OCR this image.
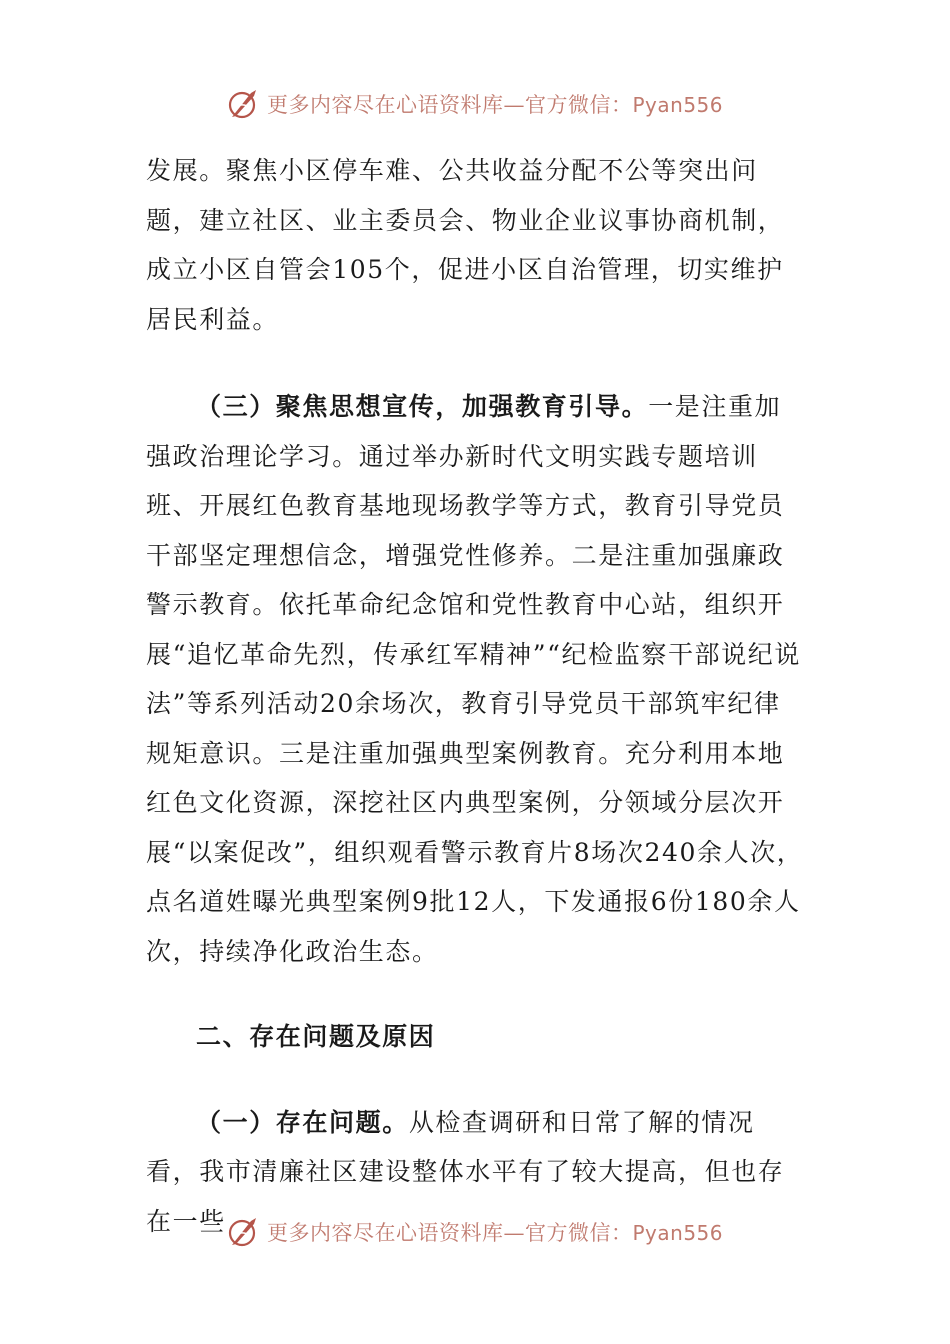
更多内容尽在心语资料库—官方微信：Pyan556

发展。聚焦小区停车难、公共收益分配不公等突出问题，建立社区、业主委员会、物业企业议事协商机制，成立小区自管会105个，促进小区自治管理，切实维护居民利益。

（三）聚焦思想宣传，加强教育引导。一是注重加强政治理论学习。通过举办新时代文明实践专题培训班、开展红色教育基地现场教学等方式，教育引导党员干部坚定理想信念，增强党性修养。二是注重加强廉政警示教育。依托革命纪念馆和党性教育中心站，组织开展“追忆革命先烈，传承红军精神”“纪检监察干部说纪说法”等系列活动20余场次，教育引导党员干部筑牢纪律规矩意识。三是注重加强典型案例教育。充分利用本地红色文化资源，深挖社区内典型案例，分领域分层次开展“以案促改”，组织观看警示教育片8场次240余人次，点名道姓曝光典型案例9批12人，下发通报6份180余人次，持续净化政治生态。

二、存在问题及原因

（一）存在问题。从检查调研和日常了解的情况看，我市清廉社区建设整体水平有了较大提高，但也存在一些	更多内容尽在心语资料库—官方微信：Pyan556
